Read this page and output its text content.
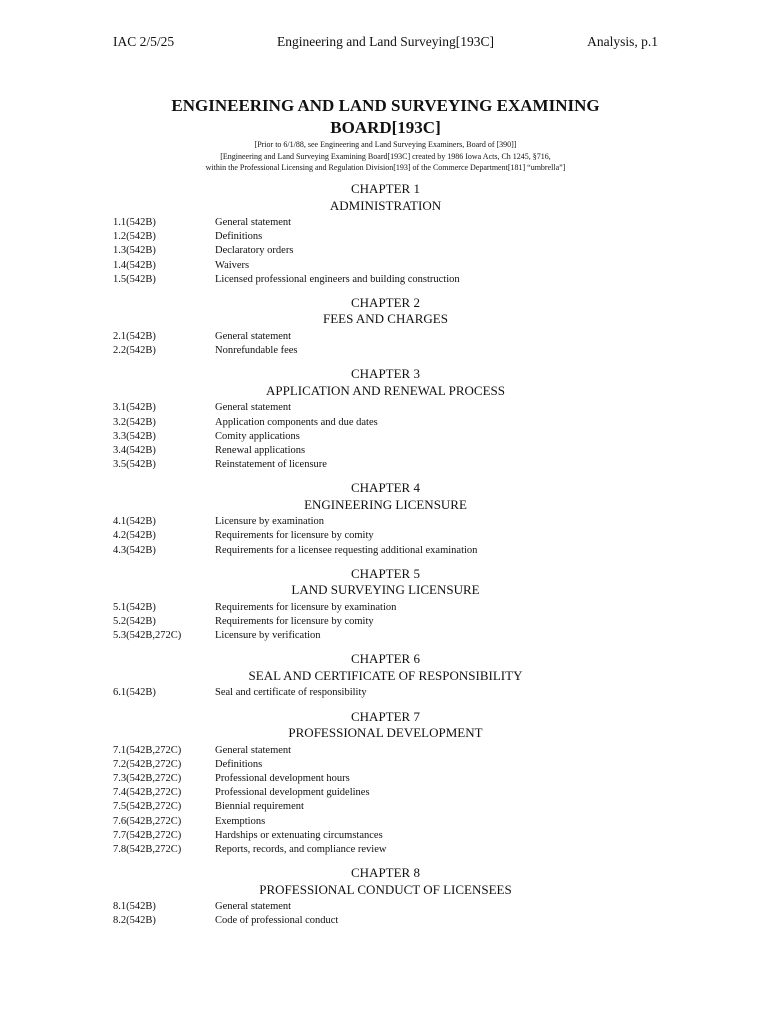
IAC 2/5/25	Engineering and Land Surveying[193C]	Analysis, p.1
ENGINEERING AND LAND SURVEYING EXAMINING
BOARD[193C]
[Prior to 6/1/88, see Engineering and Land Surveying Examiners, Board of [390]]
[Engineering and Land Surveying Examining Board[193C] created by 1986 Iowa Acts, Ch 1245, §716,
within the Professional Licensing and Regulation Division[193] of the Commerce Department[181] “umbrella”]
CHAPTER 1
ADMINISTRATION
1.1(542B)	General statement
1.2(542B)	Definitions
1.3(542B)	Declaratory orders
1.4(542B)	Waivers
1.5(542B)	Licensed professional engineers and building construction
CHAPTER 2
FEES AND CHARGES
2.1(542B)	General statement
2.2(542B)	Nonrefundable fees
CHAPTER 3
APPLICATION AND RENEWAL PROCESS
3.1(542B)	General statement
3.2(542B)	Application components and due dates
3.3(542B)	Comity applications
3.4(542B)	Renewal applications
3.5(542B)	Reinstatement of licensure
CHAPTER 4
ENGINEERING LICENSURE
4.1(542B)	Licensure by examination
4.2(542B)	Requirements for licensure by comity
4.3(542B)	Requirements for a licensee requesting additional examination
CHAPTER 5
LAND SURVEYING LICENSURE
5.1(542B)	Requirements for licensure by examination
5.2(542B)	Requirements for licensure by comity
5.3(542B,272C)	Licensure by verification
CHAPTER 6
SEAL AND CERTIFICATE OF RESPONSIBILITY
6.1(542B)	Seal and certificate of responsibility
CHAPTER 7
PROFESSIONAL DEVELOPMENT
7.1(542B,272C)	General statement
7.2(542B,272C)	Definitions
7.3(542B,272C)	Professional development hours
7.4(542B,272C)	Professional development guidelines
7.5(542B,272C)	Biennial requirement
7.6(542B,272C)	Exemptions
7.7(542B,272C)	Hardships or extenuating circumstances
7.8(542B,272C)	Reports, records, and compliance review
CHAPTER 8
PROFESSIONAL CONDUCT OF LICENSEES
8.1(542B)	General statement
8.2(542B)	Code of professional conduct
